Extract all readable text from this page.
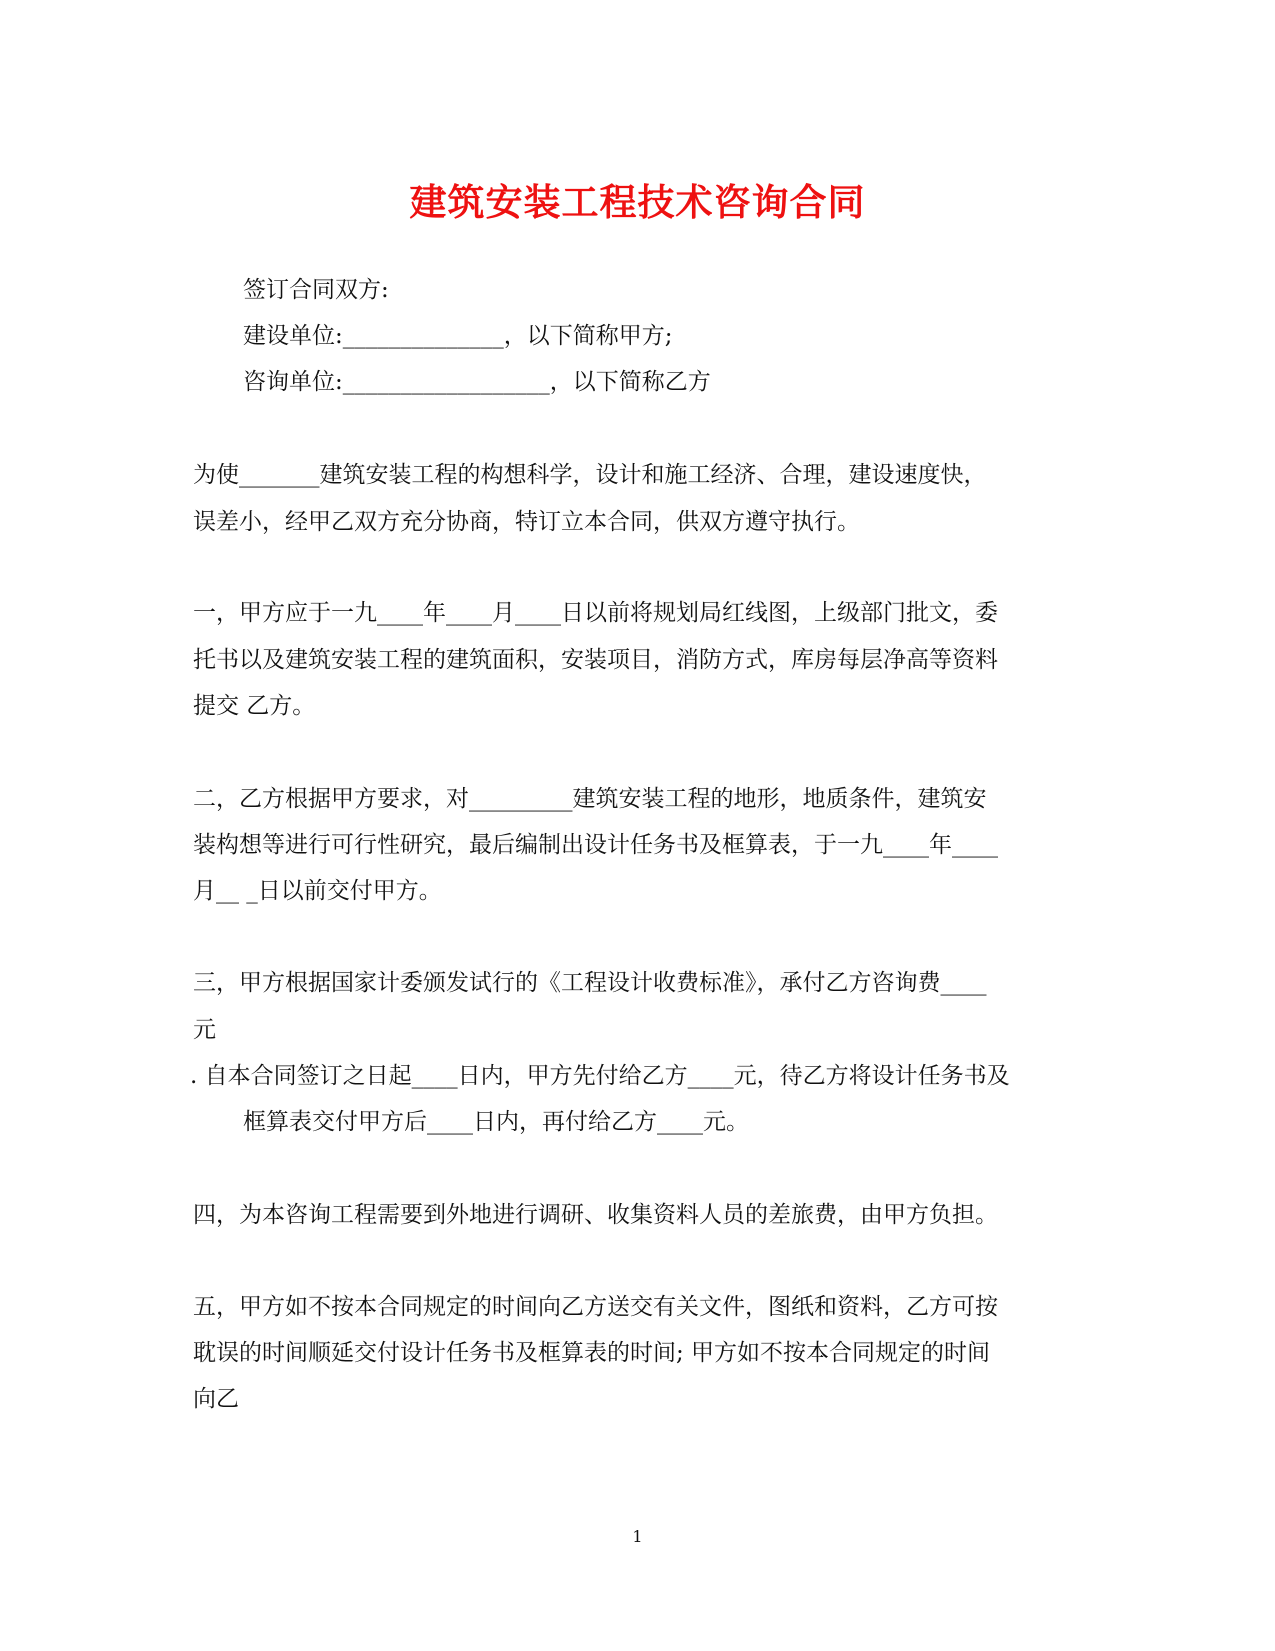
建筑安装工程技术咨询合同

签订合同双方:

建设单位:______________，以下简称甲方;

咨询单位:__________________，以下简称乙方

为使_______建筑安装工程的构想科学，设计和施工经济、合理，建设速度快，

误差小，经甲乙双方充分协商，特订立本合同，供双方遵守执行。

一，甲方应于一九____年____月____日以前将规划局红线图，上级部门批文，委

托书以及建筑安装工程的建筑面积，安装项目，消防方式，库房每层净高等资料

提交 乙方。

二，乙方根据甲方要求，对_________建筑安装工程的地形，地质条件，建筑安

装构想等进行可行性研究，最后编制出设计任务书及框算表，于一九____年____

月__ _日以前交付甲方。

三，甲方根据国家计委颁发试行的《工程设计收费标准》，承付乙方咨询费____

元

. 自本合同签订之日起____日内，甲方先付给乙方____元，待乙方将设计任务书及

框算表交付甲方后____日内，再付给乙方____元。

四，为本咨询工程需要到外地进行调研、收集资料人员的差旅费，由甲方负担。

五，甲方如不按本合同规定的时间向乙方送交有关文件，图纸和资料，乙方可按

耽误的时间顺延交付设计任务书及框算表的时间; 甲方如不按本合同规定的时间

向乙

1
